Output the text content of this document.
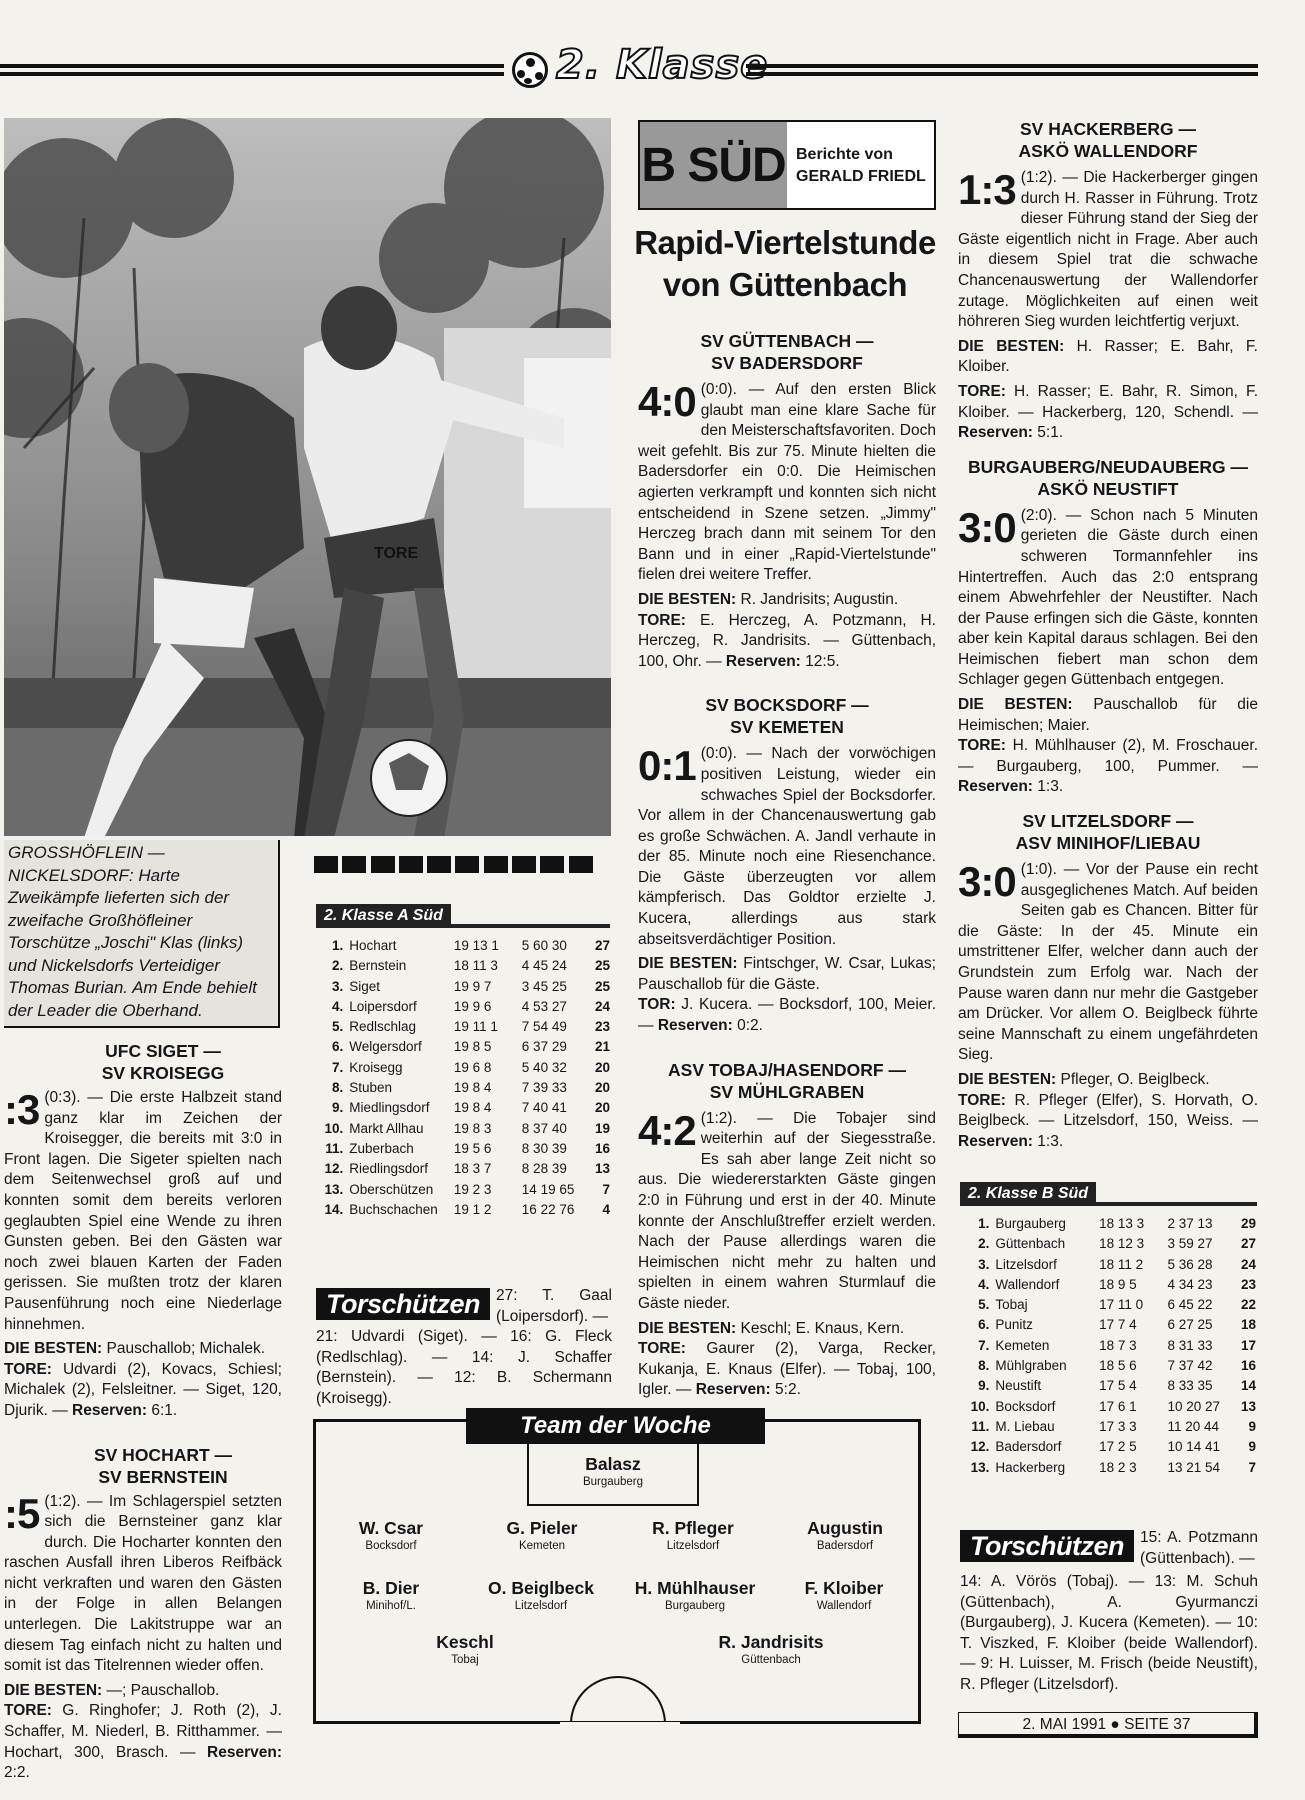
2. Klasse
TORE
GROSSHÖFLEIN — NICKELSDORF: Harte Zweikämpfe lieferten sich der zweifache Großhöfleiner Torschütze „Joschi" Klas (links) und Nickelsdorfs Verteidiger Thomas Burian. Am Ende behielt der Leader die Oberhand.

UFC SIGET —

SV KROISEGG

:3 (0:3). — Die erste Halbzeit stand ganz klar im Zeichen der Kroisegger, die bereits mit 3:0 in Front lagen. Die Sigeter spielten nach dem Seitenwechsel groß auf und konnten somit dem bereits verloren geglaubten Spiel eine Wende zu ihren Gunsten geben. Bei den Gästen war noch zwei blauen Karten der Faden gerissen. Sie mußten trotz der klaren Pausenführung noch eine Niederlage hinnehmen.

DIE BESTEN: Pauschallob; Michalek.

TORE: Udvardi (2), Kovacs, Schiesl; Michalek (2), Felsleitner. — Siget, 120, Djurik. — Reserven: 6:1.

SV HOCHART —

SV BERNSTEIN

:5 (1:2). — Im Schlagerspiel setzten sich die Bernsteiner ganz klar durch. Die Hocharter konnten den raschen Ausfall ihren Liberos Reifbäck nicht verkraften und waren den Gästen in der Folge in allen Belangen unterlegen. Die Lakitstruppe war an diesem Tag einfach nicht zu halten und somit ist das Titelrennen wieder offen.

DIE BESTEN: —; Pauschallob.

TORE: G. Ringhofer; J. Roth (2), J. Schaffer, M. Niederl, B. Ritthammer. — Hochart, 300, Brasch. — Reserven: 2:2.

2. Klasse A Süd
1.	Hochart	19 13 1	5 60 30	27
2.	Bernstein	18 11 3	4 45 24	25
3.	Siget	19 9 7	3 45 25	25
4.	Loipersdorf	19 9 6	4 53 27	24
5.	Redlschlag	19 11 1	7 54 49	23
6.	Welgersdorf	19 8 5	6 37 29	21
7.	Kroisegg	19 6 8	5 40 32	20
8.	Stuben	19 8 4	7 39 33	20
9.	Miedlingsdorf	19 8 4	7 40 41	20
10.	Markt Allhau	19 8 3	8 37 40	19
11.	Zuberbach	19 5 6	8 30 39	16
12.	Riedlingsdorf	18 3 7	8 28 39	13
13.	Oberschützen	19 2 3	14 19 65	7
14.	Buchschachen	19 1 2	16 22 76	4
Torschützen	27: T. Gaal (Loipersdorf). —
21: Udvardi (Siget). — 16: G. Fleck (Redlschlag). — 14: J. Schaffer (Bernstein). — 12: B. Schermann (Kroisegg).
B SÜD Berichte von
GERALD FRIEDL
Rapid-Viertelstunde von Güttenbach

SV GÜTTENBACH —

SV BADERSDORF

4:0 (0:0). — Auf den ersten Blick glaubt man eine klare Sache für den Meisterschaftsfavoriten. Doch weit gefehlt. Bis zur 75. Minute hielten die Badersdorfer ein 0:0. Die Heimischen agierten verkrampft und konnten sich nicht entscheidend in Szene setzen. „Jimmy" Herczeg brach dann mit seinem Tor den Bann und in einer „Rapid-Viertelstunde" fielen drei weitere Treffer.

DIE BESTEN: R. Jandrisits; Augustin.

TORE: E. Herczeg, A. Potzmann, H. Herczeg, R. Jandrisits. — Güttenbach, 100, Ohr. — Reserven: 12:5.

SV BOCKSDORF —

SV KEMETEN

0:1 (0:0). — Nach der vorwöchigen positiven Leistung, wieder ein schwaches Spiel der Bocksdorfer. Vor allem in der Chancenauswertung gab es große Schwächen. A. Jandl verhaute in der 85. Minute noch eine Riesenchance. Die Gäste überzeugten vor allem kämpferisch. Das Goldtor erzielte J. Kucera, allerdings aus stark abseitsverdächtiger Position.

DIE BESTEN: Fintschger, W. Csar, Lukas; Pauschallob für die Gäste.

TOR: J. Kucera. — Bocksdorf, 100, Meier. — Reserven: 0:2.

ASV TOBAJ/HASENDORF —

SV MÜHLGRABEN

4:2 (1:2). — Die Tobajer sind weiterhin auf der Siegesstraße. Es sah aber lange Zeit nicht so aus. Die wiedererstarkten Gäste gingen 2:0 in Führung und erst in der 40. Minute konnte der Anschlußtreffer erzielt werden. Nach der Pause allerdings waren die Heimischen nicht mehr zu halten und spielten in einem wahren Sturmlauf die Gäste nieder.

DIE BESTEN: Keschl; E. Knaus, Kern.

TORE: Gaurer (2), Varga, Recker, Kukanja, E. Knaus (Elfer). — Tobaj, 100, Igler. — Reserven: 5:2.

SV HACKERBERG —

ASKÖ WALLENDORF

1:3 (1:2). — Die Hackerberger gingen durch H. Rasser in Führung. Trotz dieser Führung stand der Sieg der Gäste eigentlich nicht in Frage. Aber auch in diesem Spiel trat die schwache Chancenauswertung der Wallendorfer zutage. Möglichkeiten auf einen weit höhreren Sieg wurden leichtfertig verjuxt.

DIE BESTEN: H. Rasser; E. Bahr, F. Kloiber.

TORE: H. Rasser; E. Bahr, R. Simon, F. Kloiber. — Hackerberg, 120, Schendl. — Reserven: 5:1.

BURGAUBERG/NEUDAUBERG —

ASKÖ NEUSTIFT

3:0 (2:0). — Schon nach 5 Minuten gerieten die Gäste durch einen schweren Tormannfehler ins Hintertreffen. Auch das 2:0 entsprang einem Abwehrfehler der Neustifter. Nach der Pause erfingen sich die Gäste, konnten aber kein Kapital daraus schlagen. Bei den Heimischen fiebert man schon dem Schlager gegen Güttenbach entgegen.

DIE BESTEN: Pauschallob für die Heimischen; Maier.

TORE: H. Mühlhauser (2), M. Froschauer. — Burgauberg, 100, Pummer. — Reserven: 1:3.

SV LITZELSDORF —

ASV MINIHOF/LIEBAU

3:0 (1:0). — Vor der Pause ein recht ausgeglichenes Match. Auf beiden Seiten gab es Chancen. Bitter für die Gäste: In der 45. Minute ein umstrittener Elfer, welcher dann auch der Grundstein zum Erfolg war. Nach der Pause waren dann nur mehr die Gastgeber am Drücker. Vor allem O. Beiglbeck führte seine Mannschaft zu einem ungefährdeten Sieg.

DIE BESTEN: Pfleger, O. Beiglbeck.

TORE: R. Pfleger (Elfer), S. Horvath, O. Beiglbeck. — Litzelsdorf, 150, Weiss. — Reserven: 1:3.

2. Klasse B Süd
1.	Burgauberg	18 13 3	2 37 13	29
2.	Güttenbach	18 12 3	3 59 27	27
3.	Litzelsdorf	18 11 2	5 36 28	24
4.	Wallendorf	18 9 5	4 34 23	23
5.	Tobaj	17 11 0	6 45 22	22
6.	Punitz	17 7 4	6 27 25	18
7.	Kemeten	18 7 3	8 31 33	17
8.	Mühlgraben	18 5 6	7 37 42	16
9.	Neustift	17 5 4	8 33 35	14
10.	Bocksdorf	17 6 1	10 20 27	13
11.	M. Liebau	17 3 3	11 20 44	9
12.	Badersdorf	17 2 5	10 14 41	9
13.	Hackerberg	18 2 3	13 21 54	7
Torschützen	15: A. Potzmann (Güttenbach). —
14: A. Vörös (Tobaj). — 13: M. Schuh (Güttenbach), A. Gyurmanczi (Burgauberg), J. Kucera (Kemeten). — 10: T. Viszked, F. Kloiber (beide Wallendorf). — 9: H. Luisser, M. Frisch (beide Neustift), R. Pfleger (Litzelsdorf).
Team der Woche
Balasz
Burgauberg
W. Csar
Bocksdorf
G. Pieler
Kemeten
R. Pfleger
Litzelsdorf
Augustin
Badersdorf
B. Dier
Minihof/L.
O. Beiglbeck
Litzelsdorf
H. Mühlhauser
Burgauberg
F. Kloiber
Wallendorf
Keschl
Tobaj
R. Jandrisits
Güttenbach
2. MAI 1991 ● SEITE 37
